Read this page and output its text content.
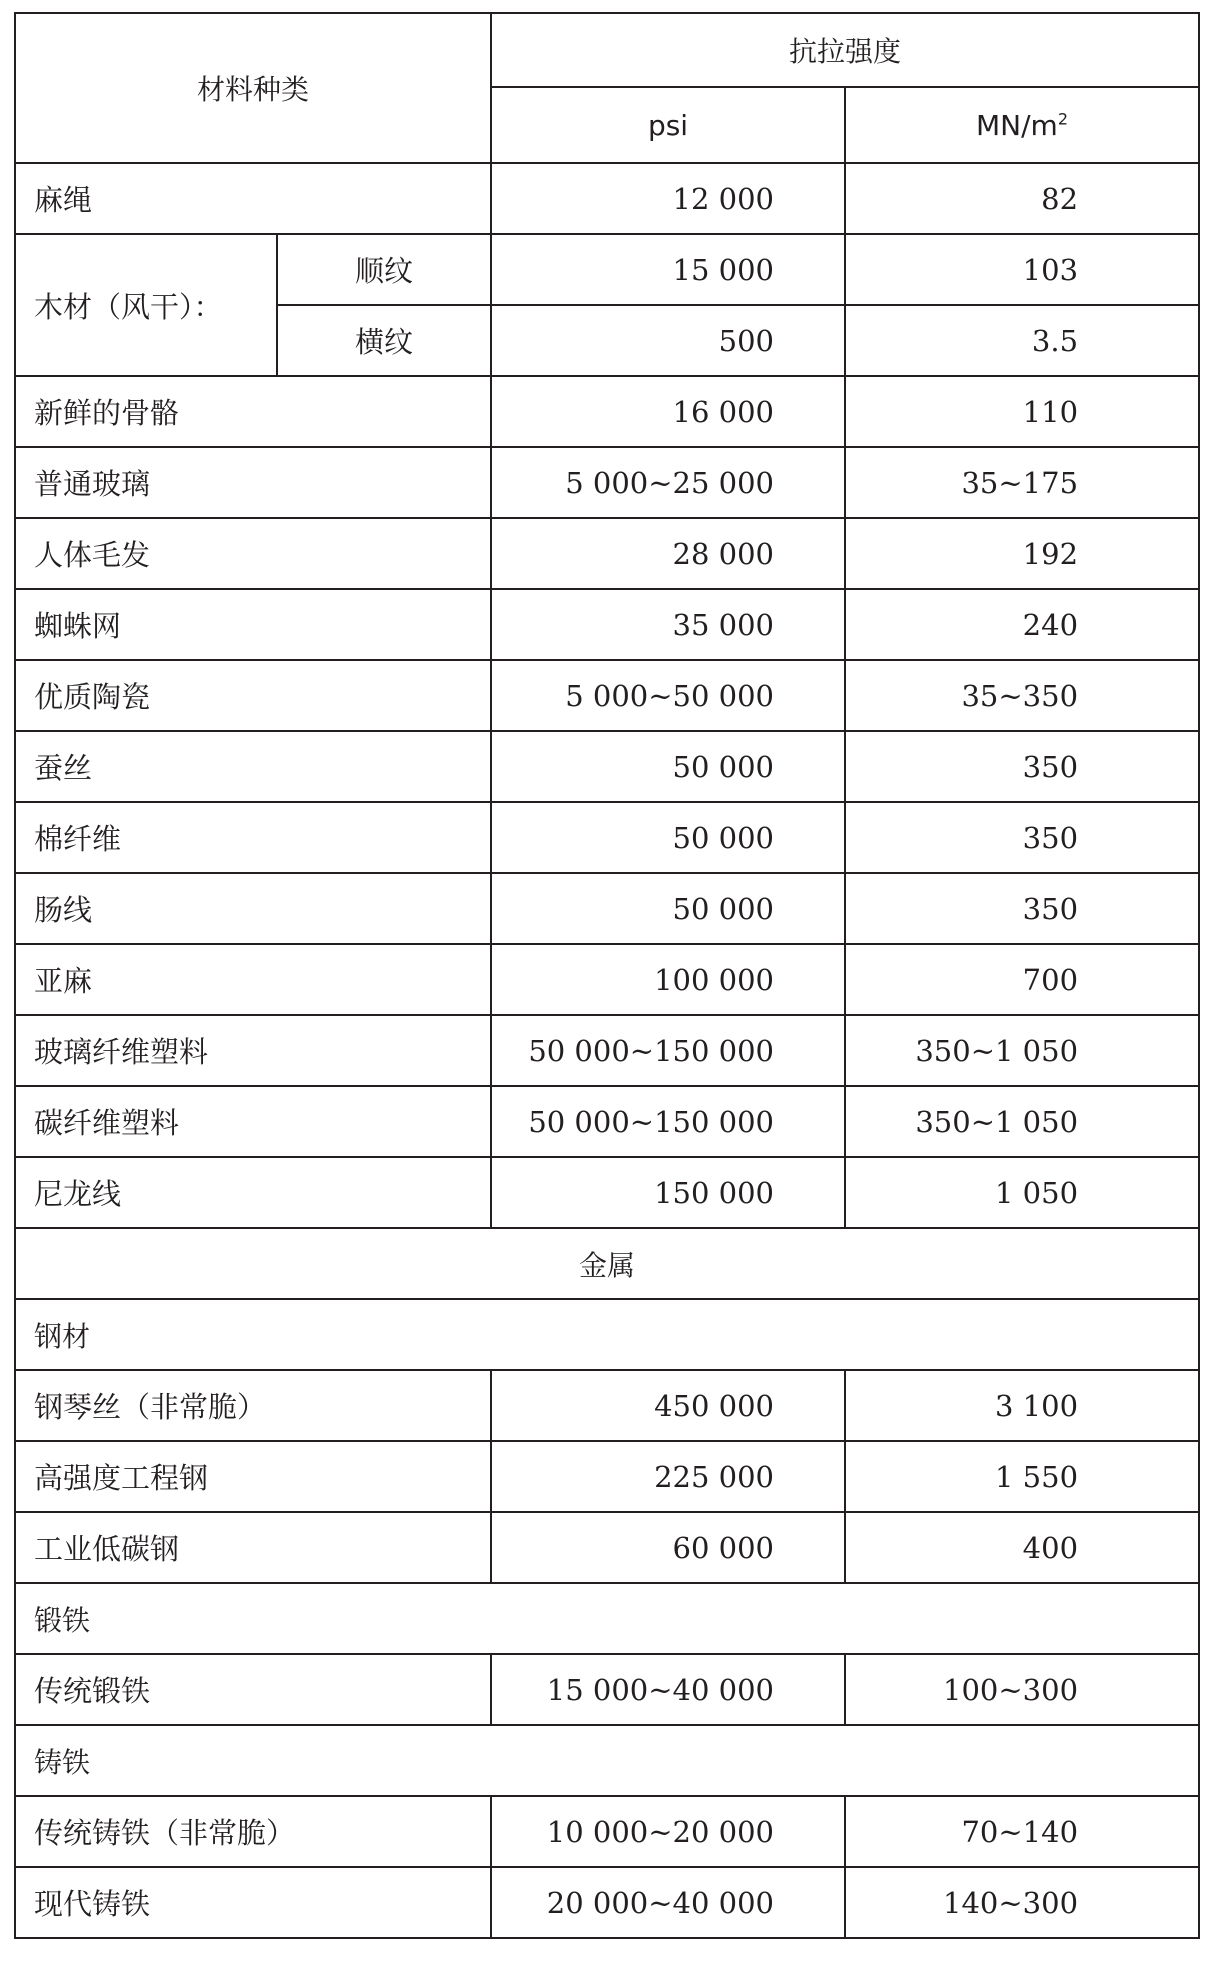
材料种类		抗拉强度	
		psi	$MN/m^2$
麻绳		12 000	82
木材（风干）：	顺纹	15 000	103
	横纹	500	3.5
新鲜的骨骼		16 000	110
普通玻璃		5 000~25 000	35~175
人体毛发		28 000	192
蜘蛛网		35 000	240
优质陶瓷		5 000~50 000	35~350
蚕丝		50 000	350
棉纤维		50 000	350
肠线		50 000	350
亚麻		100 000	700
玻璃纤维塑料		50 000~150 000	350~1 050
碳纤维塑料		50 000~150 000	350~1 050
尼龙线		150 000	1 050
金属			
钢材			
钢琴丝（非常脆）		450 000	3 100
高强度工程钢		225 000	1 550
工业低碳钢		60 000	400
锻铁			
传统锻铁		15 000~40 000	100~300
铸铁			
传统铸铁（非常脆）		10 000~20 000	70~140
现代铸铁		20 000~40 000	140~300
